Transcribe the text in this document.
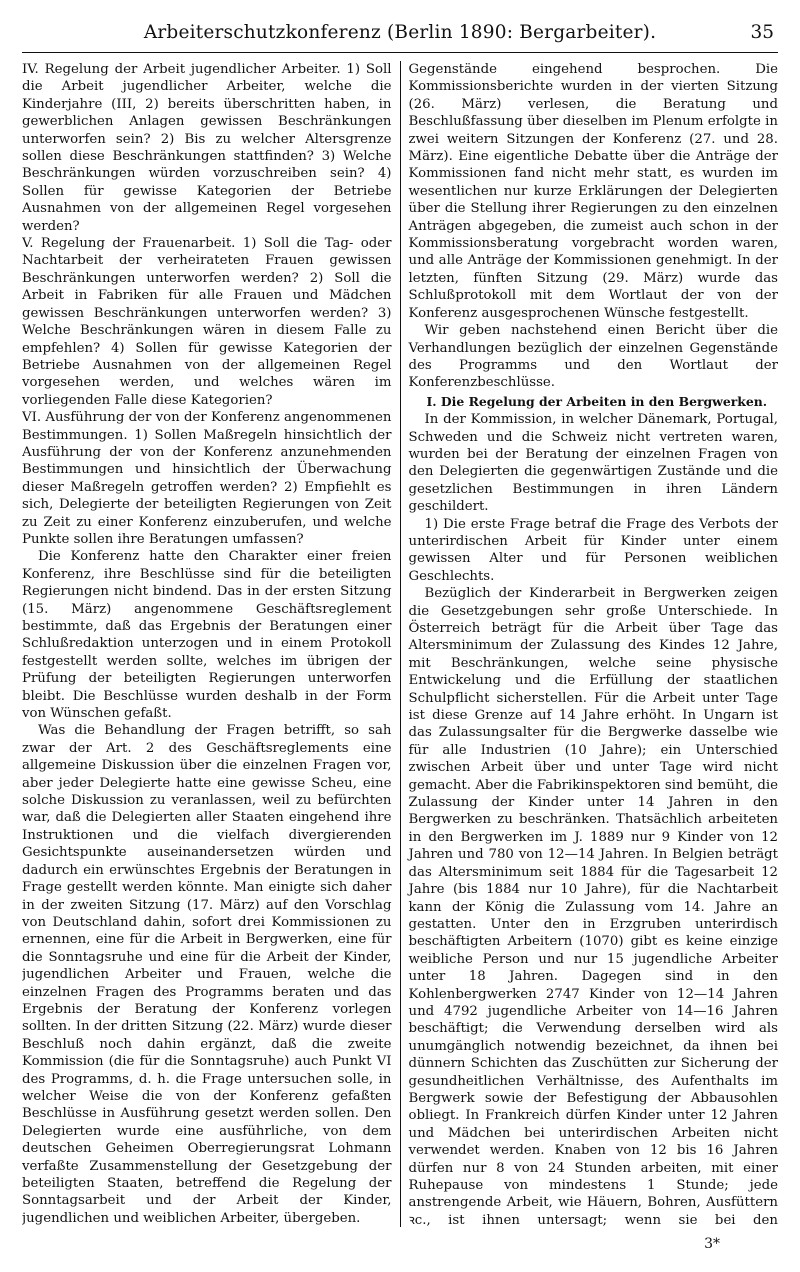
Arbeiterschutzkonferenz (Berlin 1890: Bergarbeiter).	35

IV. Regelung der Arbeit jugendlicher Arbeiter. 1) Soll die Arbeit jugendlicher Arbeiter, welche die Kinderjahre (III, 2) bereits überschritten haben, in gewerblichen Anlagen gewissen Beschränkungen unterworfen sein? 2) Bis zu welcher Altersgrenze sollen diese Beschränkungen stattfinden? 3) Welche Beschränkungen würden vorzuschreiben sein? 4) Sollen für gewisse Kategorien der Betriebe Ausnahmen von der allgemeinen Regel vorgesehen werden?

V. Regelung der Frauenarbeit. 1) Soll die Tag- oder Nachtarbeit der verheirateten Frauen gewissen Beschränkungen unterworfen werden? 2) Soll die Arbeit in Fabriken für alle Frauen und Mädchen gewissen Beschränkungen unterworfen werden? 3) Welche Beschränkungen wären in diesem Falle zu empfehlen? 4) Sollen für gewisse Kategorien der Betriebe Ausnahmen von der allgemeinen Regel vorgesehen werden, und welches wären im vorliegenden Falle diese Kategorien?

VI. Ausführung der von der Konferenz angenommenen Bestimmungen. 1) Sollen Maßregeln hinsichtlich der Ausführung der von der Konferenz anzunehmenden Bestimmungen und hinsichtlich der Überwachung dieser Maßregeln getroffen werden? 2) Empfiehlt es sich, Delegierte der beteiligten Regierungen von Zeit zu Zeit zu einer Konferenz einzuberufen, und welche Punkte sollen ihre Beratungen umfassen?

Die Konferenz hatte den Charakter einer freien Konferenz, ihre Beschlüsse sind für die beteiligten Regierungen nicht bindend. Das in der ersten Sitzung (15. März) angenommene Geschäftsreglement bestimmte, daß das Ergebnis der Beratungen einer Schlußredaktion unterzogen und in einem Protokoll festgestellt werden sollte, welches im übrigen der Prüfung der beteiligten Regierungen unterworfen bleibt. Die Beschlüsse wurden deshalb in der Form von Wünschen gefaßt.

Was die Behandlung der Fragen betrifft, so sah zwar der Art. 2 des Geschäftsreglements eine allgemeine Diskussion über die einzelnen Fragen vor, aber jeder Delegierte hatte eine gewisse Scheu, eine solche Diskussion zu veranlassen, weil zu befürchten war, daß die Delegierten aller Staaten eingehend ihre Instruktionen und die vielfach divergierenden Gesichtspunkte auseinandersetzen würden und dadurch ein erwünschtes Ergebnis der Beratungen in Frage gestellt werden könnte. Man einigte sich daher in der zweiten Sitzung (17. März) auf den Vorschlag von Deutschland dahin, sofort drei Kommissionen zu ernennen, eine für die Arbeit in Bergwerken, eine für die Sonntagsruhe und eine für die Arbeit der Kinder, jugendlichen Arbeiter und Frauen, welche die einzelnen Fragen des Programms beraten und das Ergebnis der Beratung der Konferenz vorlegen sollten. In der dritten Sitzung (22. März) wurde dieser Beschluß noch dahin ergänzt, daß die zweite Kommission (die für die Sonntagsruhe) auch Punkt VI des Programms, d. h. die Frage untersuchen solle, in welcher Weise die von der Konferenz gefaßten Beschlüsse in Ausführung gesetzt werden sollen. Den Delegierten wurde eine ausführliche, von dem deutschen Geheimen Oberregierungsrat Lohmann verfaßte Zusammenstellung der Gesetzgebung der beteiligten Staaten, betreffend die Regelung der Sonntagsarbeit und der Arbeit der Kinder, jugendlichen und weiblichen Arbeiter, übergeben.

Gegenstände eingehend besprochen. Die Kommissionsberichte wurden in der vierten Sitzung (26. März) verlesen, die Beratung und Beschlußfassung über dieselben im Plenum erfolgte in zwei weitern Sitzungen der Konferenz (27. und 28. März). Eine eigentliche Debatte über die Anträge der Kommissionen fand nicht mehr statt, es wurden im wesentlichen nur kurze Erklärungen der Delegierten über die Stellung ihrer Regierungen zu den einzelnen Anträgen abgegeben, die zumeist auch schon in der Kommissionsberatung vorgebracht worden waren, und alle Anträge der Kommissionen genehmigt. In der letzten, fünften Sitzung (29. März) wurde das Schlußprotokoll mit dem Wortlaut der von der Konferenz ausgesprochenen Wünsche festgestellt.

Wir geben nachstehend einen Bericht über die Verhandlungen bezüglich der einzelnen Gegenstände des Programms und den Wortlaut der Konferenzbeschlüsse.

I. Die Regelung der Arbeiten in den Bergwerken.

In der Kommission, in welcher Dänemark, Portugal, Schweden und die Schweiz nicht vertreten waren, wurden bei der Beratung der einzelnen Fragen von den Delegierten die gegenwärtigen Zustände und die gesetzlichen Bestimmungen in ihren Ländern geschildert.

1) Die erste Frage betraf die Frage des Verbots der unterirdischen Arbeit für Kinder unter einem gewissen Alter und für Personen weiblichen Geschlechts.

Bezüglich der Kinderarbeit in Bergwerken zeigen die Gesetzgebungen sehr große Unterschiede. In Österreich beträgt für die Arbeit über Tage das Altersminimum der Zulassung des Kindes 12 Jahre, mit Beschränkungen, welche seine physische Entwickelung und die Erfüllung der staatlichen Schulpflicht sicherstellen. Für die Arbeit unter Tage ist diese Grenze auf 14 Jahre erhöht. In Ungarn ist das Zulassungsalter für die Bergwerke dasselbe wie für alle Industrien (10 Jahre); ein Unterschied zwischen Arbeit über und unter Tage wird nicht gemacht. Aber die Fabrikinspektoren sind bemüht, die Zulassung der Kinder unter 14 Jahren in den Bergwerken zu beschränken. Thatsächlich arbeiteten in den Bergwerken im J. 1889 nur 9 Kinder von 12 Jahren und 780 von 12—14 Jahren. In Belgien beträgt das Altersminimum seit 1884 für die Tagesarbeit 12 Jahre (bis 1884 nur 10 Jahre), für die Nachtarbeit kann der König die Zulassung vom 14. Jahre an gestatten. Unter den in Erzgruben unterirdisch beschäftigten Arbeitern (1070) gibt es keine einzige weibliche Person und nur 15 jugendliche Arbeiter unter 18 Jahren. Dagegen sind in den Kohlenbergwerken 2747 Kinder von 12—14 Jahren und 4792 jugendliche Arbeiter von 14—16 Jahren beschäftigt; die Verwendung derselben wird als unumgänglich notwendig bezeichnet, da ihnen bei dünnern Schichten das Zuschütten zur Sicherung der gesundheitlichen Verhältnisse, des Aufenthalts im Bergwerk sowie der Befestigung der Abbausohlen obliegt. In Frankreich dürfen Kinder unter 12 Jahren und Mädchen bei unterirdischen Arbeiten nicht verwendet werden. Knaben von 12 bis 16 Jahren dürfen nur 8 von 24 Stunden arbeiten, mit einer Ruhepause von mindestens 1 Stunde; jede anstrengende Arbeit, wie Häuern, Bohren, Ausfüttern ꝛc., ist ihnen untersagt; wenn sie bei den

3*
